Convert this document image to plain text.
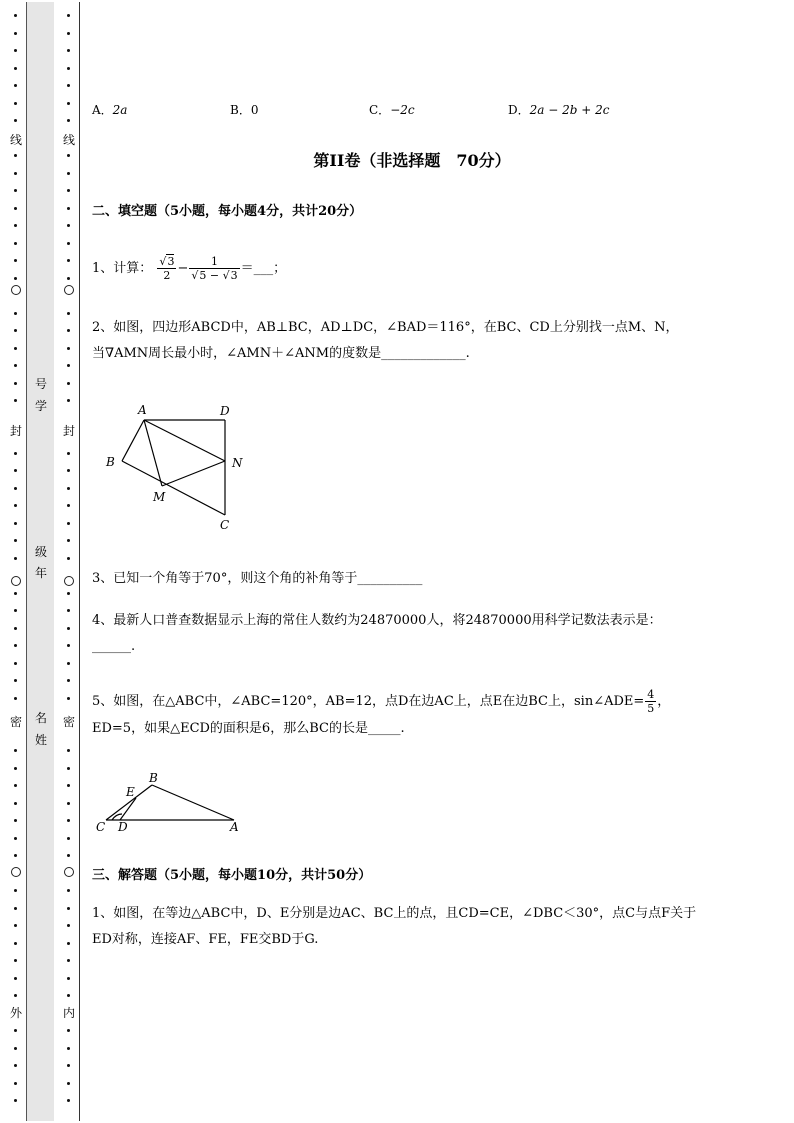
线
封
密
外
线
封
密
内
号
学
级
年
名
姓
A．2a	B．0	C．−2c	D．2a − 2b + 2c
第II卷（非选择题　70分）
二、填空题（5小题，每小题4分，共计20分）
1、计算： $\frac{√3}{2} - \frac{1}{√5 - √3}$ ＝___；
2、如图，四边形ABCD中，AB⊥BC，AD⊥DC，∠BAD＝116°，在BC、CD上分别找一点M、N，
当∇AMN周长最小时，∠AMN＋∠ANM的度数是_____________.
A	D
B	N
M
C
3、已知一个角等于70°，则这个角的补角等于__________
4、最新人口普查数据显示上海的常住人数约为24870000人，将24870000用科学记数法表示是：
______.
5、如图，在△ABC中，∠ABC=120°，AB=12，点D在边AC上，点E在边BC上，sin∠ADE= $\frac{4}{5}$ ，
ED=5，如果△ECD的面积是6，那么BC的长是_____.
B
E
C D	A
三、解答题（5小题，每小题10分，共计50分）
1、如图，在等边△ABC中，D、E分别是边AC、BC上的点，且CD=CE，∠DBC＜30°，点C与点F关于
ED对称，连接AF、FE，FE交BD于G.
